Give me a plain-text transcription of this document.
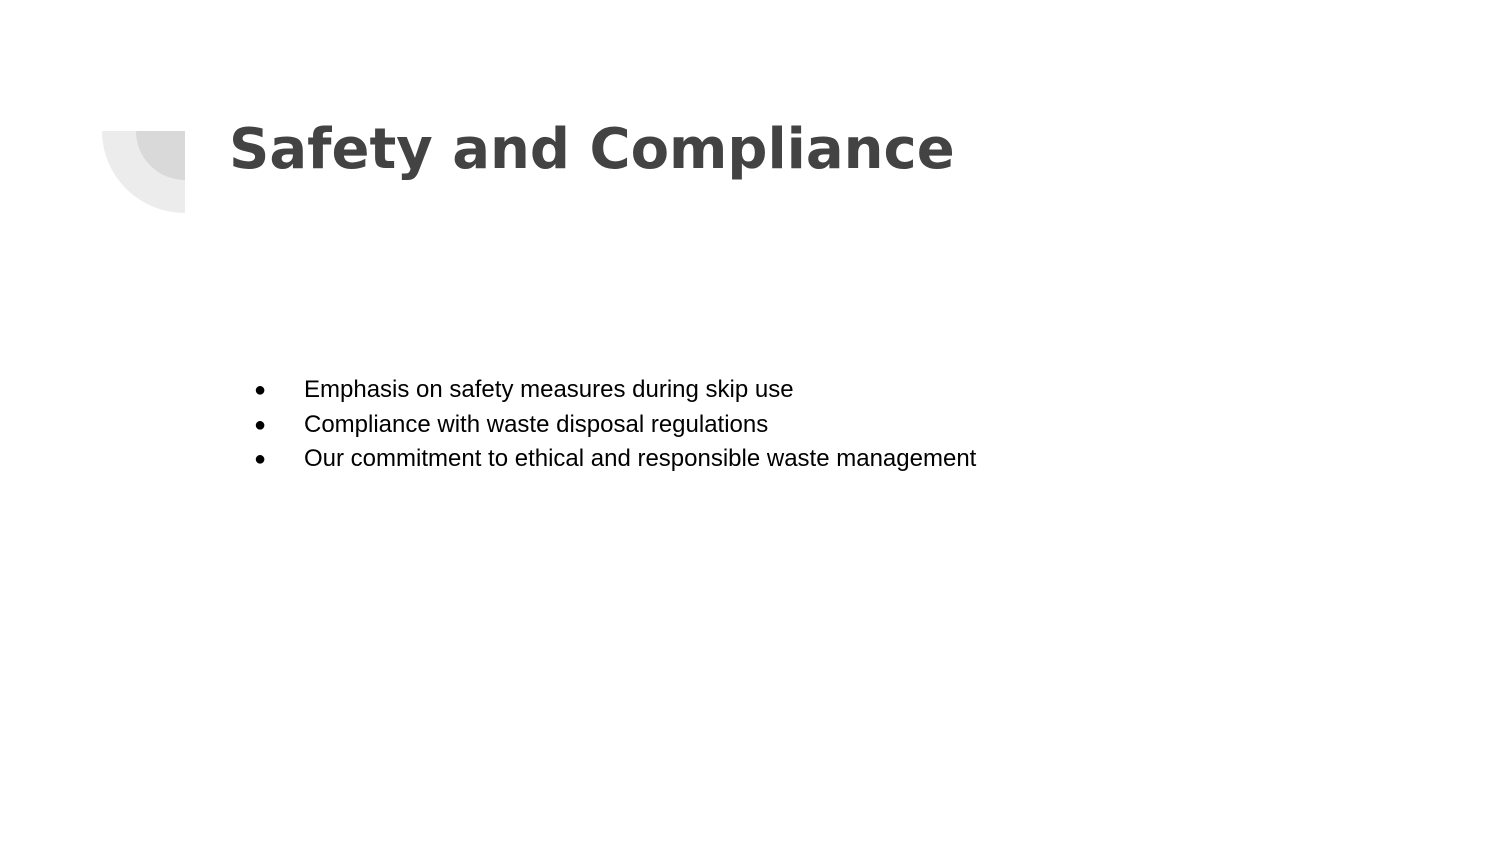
Safety and Compliance
●	Emphasis on safety measures during skip use
●	Compliance with waste disposal regulations
●	Our commitment to ethical and responsible waste management
